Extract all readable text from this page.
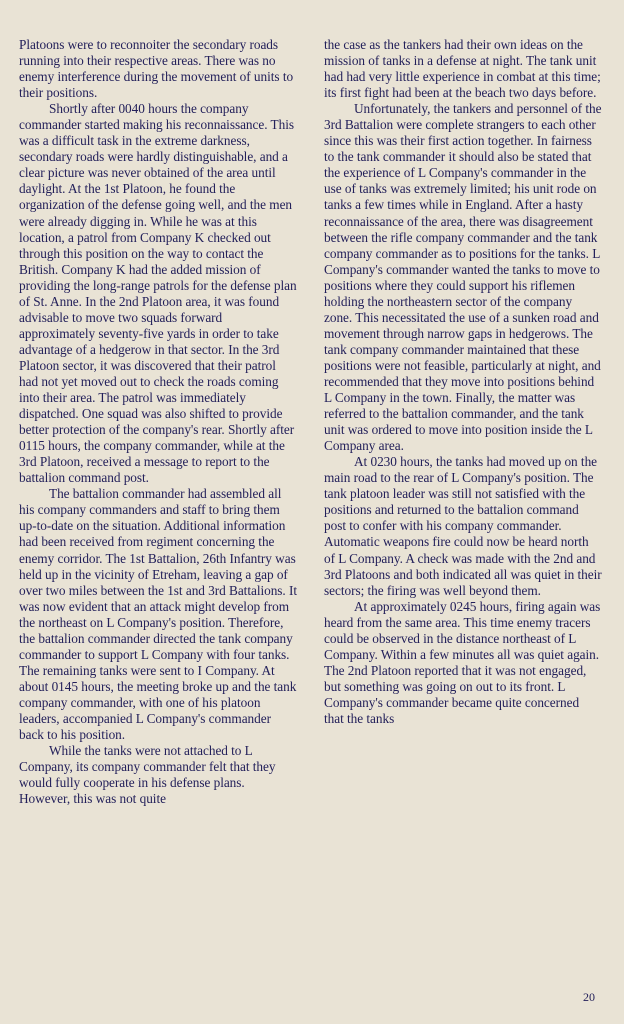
Platoons were to reconnoiter the secondary roads running into their respective areas. There was no enemy interference during the movement of units to their positions.

Shortly after 0040 hours the company commander started making his reconnaissance. This was a difficult task in the extreme darkness, secondary roads were hardly distinguishable, and a clear picture was never obtained of the area until daylight. At the 1st Platoon, he found the organization of the defense going well, and the men were already digging in. While he was at this location, a patrol from Company K checked out through this position on the way to contact the British. Company K had the added mission of providing the long-range patrols for the defense plan of St. Anne. In the 2nd Platoon area, it was found advisable to move two squads forward approximately seventy-five yards in order to take advantage of a hedgerow in that sector. In the 3rd Platoon sector, it was discovered that their patrol had not yet moved out to check the roads coming into their area. The patrol was immediately dispatched. One squad was also shifted to provide better protection of the company's rear. Shortly after 0115 hours, the company commander, while at the 3rd Platoon, received a message to report to the battalion command post.

The battalion commander had assembled all his company commanders and staff to bring them up-to-date on the situation. Additional information had been received from regiment concerning the enemy corridor. The 1st Battalion, 26th Infantry was held up in the vicinity of Etreham, leaving a gap of over two miles between the 1st and 3rd Battalions. It was now evident that an attack might develop from the northeast on L Company's position. Therefore, the battalion commander directed the tank company commander to support L Company with four tanks. The remaining tanks were sent to I Company. At about 0145 hours, the meeting broke up and the tank company commander, with one of his platoon leaders, accompanied L Company's commander back to his position.

While the tanks were not attached to L Company, its company commander felt that they would fully cooperate in his defense plans. However, this was not quite

the case as the tankers had their own ideas on the mission of tanks in a defense at night. The tank unit had had very little experience in combat at this time; its first fight had been at the beach two days before.

Unfortunately, the tankers and personnel of the 3rd Battalion were complete strangers to each other since this was their first action together. In fairness to the tank commander it should also be stated that the experience of L Company's commander in the use of tanks was extremely limited; his unit rode on tanks a few times while in England. After a hasty reconnaissance of the area, there was disagreement between the rifle company commander and the tank company commander as to positions for the tanks. L Company's commander wanted the tanks to move to positions where they could support his riflemen holding the northeastern sector of the company zone. This necessitated the use of a sunken road and movement through narrow gaps in hedgerows. The tank company commander maintained that these positions were not feasible, particularly at night, and recommended that they move into positions behind L Company in the town. Finally, the matter was referred to the battalion commander, and the tank unit was ordered to move into position inside the L Company area.

At 0230 hours, the tanks had moved up on the main road to the rear of L Company's position. The tank platoon leader was still not satisfied with the positions and returned to the battalion command post to confer with his company commander. Automatic weapons fire could now be heard north of L Company. A check was made with the 2nd and 3rd Platoons and both indicated all was quiet in their sectors; the firing was well beyond them.

At approximately 0245 hours, firing again was heard from the same area. This time enemy tracers could be observed in the distance northeast of L Company. Within a few minutes all was quiet again. The 2nd Platoon reported that it was not engaged, but something was going on out to its front. L Company's commander became quite concerned that the tanks

20
